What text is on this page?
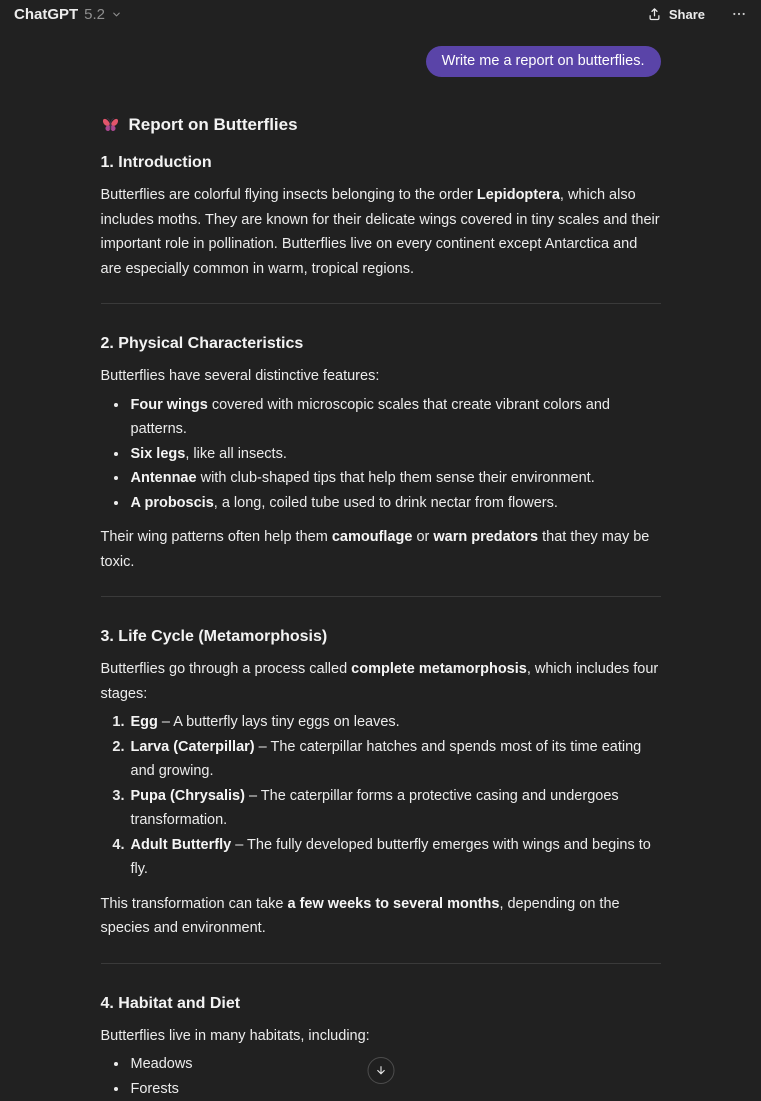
ChatGPT 5.2	Share
Write me a report on butterflies.
Report on Butterflies
1. Introduction

Butterflies are colorful flying insects belonging to the order Lepidoptera, which also includes moths. They are known for their delicate wings covered in tiny scales and their important role in pollination. Butterflies live on every continent except Antarctica and are especially common in warm, tropical regions.

2. Physical Characteristics

Butterflies have several distinctive features:

• Four wings covered with microscopic scales that create vibrant colors and patterns.
• Six legs, like all insects.
• Antennae with club-shaped tips that help them sense their environment.
• A proboscis, a long, coiled tube used to drink nectar from flowers.

Their wing patterns often help them camouflage or warn predators that they may be toxic.

3. Life Cycle (Metamorphosis)

Butterflies go through a process called complete metamorphosis, which includes four stages:

1. Egg – A butterfly lays tiny eggs on leaves.
2. Larva (Caterpillar) – The caterpillar hatches and spends most of its time eating and growing.
3. Pupa (Chrysalis) – The caterpillar forms a protective casing and undergoes transformation.
4. Adult Butterfly – The fully developed butterfly emerges with wings and begins to fly.

This transformation can take a few weeks to several months, depending on the species and environment.

4. Habitat and Diet

Butterflies live in many habitats, including:

• Meadows
• Forests
